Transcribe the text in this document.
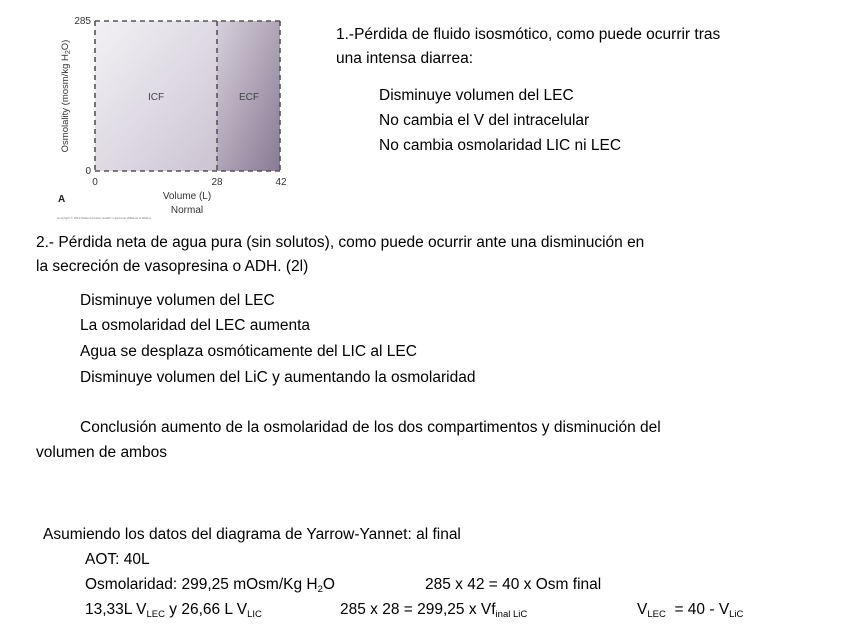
285
0
Osmolality (mosm/kg $H_2O$)
0	28	42
Volume (L)
Normal
A
ICF	ECF
Copyright © 2013 Wolters Kluwer Health | Lippincott Williams & Wilkins
1.-Pérdida de fluido isosmótico, como puede ocurrir tras
una intensa diarrea:
Disminuye volumen del LEC
No cambia el V del intracelular
No cambia osmolaridad LIC ni LEC
2.- Pérdida neta de agua pura (sin solutos), como puede ocurrir ante una disminución en
la secreción de vasopresina o ADH. (2l)
Disminuye volumen del LEC
La osmolaridad del LEC aumenta
Agua se desplaza osmóticamente del LIC al LEC
Disminuye volumen del LiC y aumentando la osmolaridad
Conclusión aumento de la osmolaridad de los dos compartimentos y disminución del
volumen de ambos
Asumiendo los datos del diagrama de Yarrow-Yannet: al final
AOT: 40L
Osmolaridad: 299,25 mOsm/Kg $H_2O$	285 x 42 = 40 x Osm final
13,33L $V_{LEC}$ y 26,66 L $V_{LIC}$	285 x 28 = 299,25 x $Vf_{inal LiC}$	$V_{LEC} = 40 - V_{LiC}$
